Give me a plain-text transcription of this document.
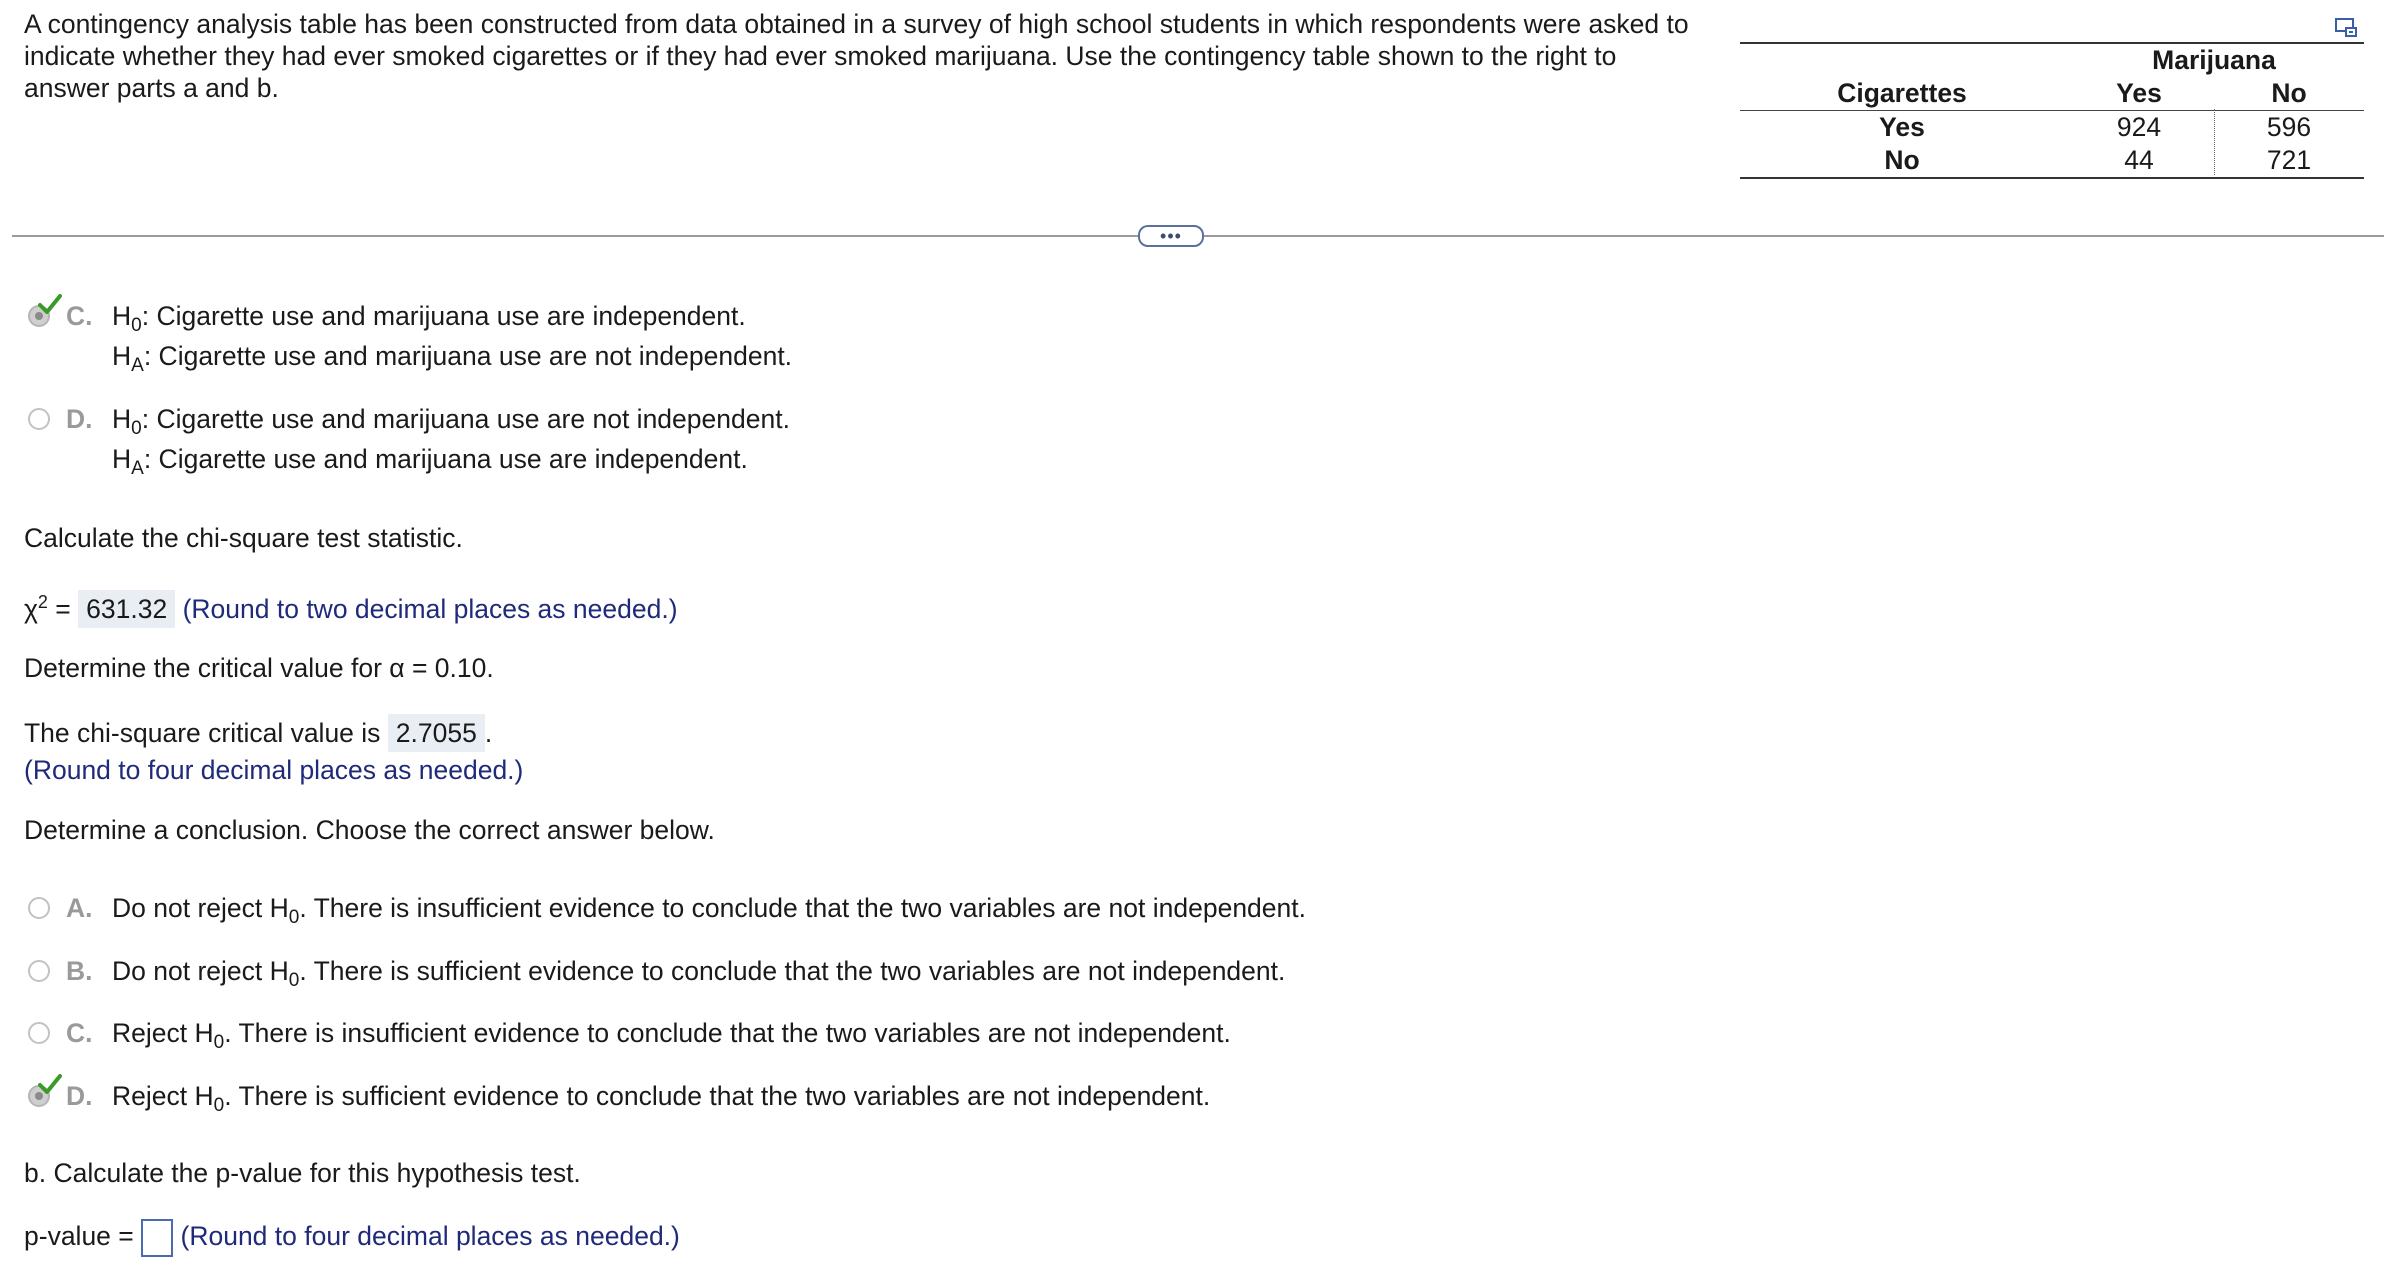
A contingency analysis table has been constructed from data obtained in a survey of high school students in which respondents were asked to indicate whether they had ever smoked cigarettes or if they had ever smoked marijuana. Use the contingency table shown to the right to answer parts a and b.
Marijuana
Cigarettes	Yes	No
Yes	924	596
No	44	721
•••
C. $H_0$: Cigarette use and marijuana use are independent.
$H_A$: Cigarette use and marijuana use are not independent.
D. $H_0$: Cigarette use and marijuana use are not independent.
$H_A$: Cigarette use and marijuana use are independent.
Calculate the chi-square test statistic.
$\chi^2 = 631.32$ (Round to two decimal places as needed.)
Determine the critical value for α = 0.10.
The chi-square critical value is 2.7055 .
(Round to four decimal places as needed.)
Determine a conclusion. Choose the correct answer below.
A. Do not reject $H_0$. There is insufficient evidence to conclude that the two variables are not independent.
B. Do not reject $H_0$. There is sufficient evidence to conclude that the two variables are not independent.
C. Reject $H_0$. There is insufficient evidence to conclude that the two variables are not independent.
D. Reject $H_0$. There is sufficient evidence to conclude that the two variables are not independent.
b. Calculate the p-value for this hypothesis test.
p-value =  (Round to four decimal places as needed.)
